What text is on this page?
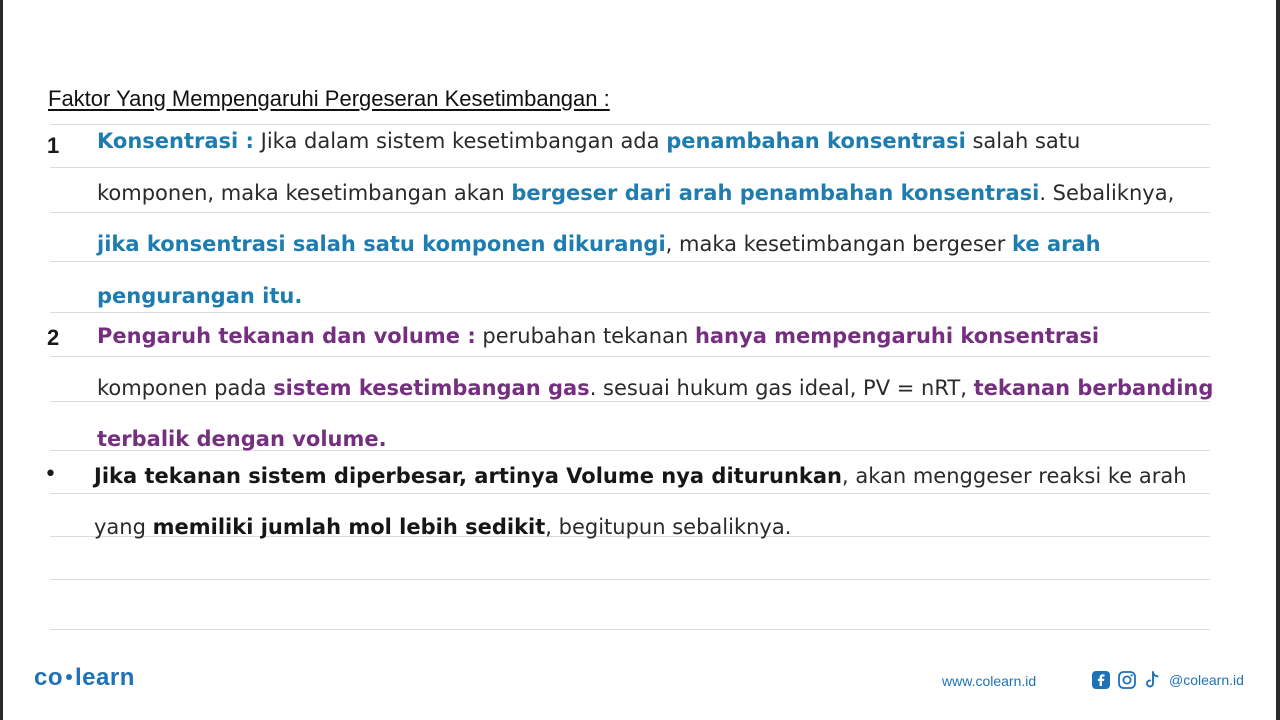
Faktor Yang Mempengaruhi Pergeseran Kesetimbangan :
1 Konsentrasi : Jika dalam sistem kesetimbangan ada penambahan konsentrasi salah satu
komponen, maka kesetimbangan akan bergeser dari arah penambahan konsentrasi. Sebaliknya,
jika konsentrasi salah satu komponen dikurangi, maka kesetimbangan bergeser ke arah
pengurangan itu.
2 Pengaruh tekanan dan volume : perubahan tekanan hanya mempengaruhi konsentrasi
komponen pada sistem kesetimbangan gas. sesuai hukum gas ideal, PV = nRT, tekanan berbanding
terbalik dengan volume.
• Jika tekanan sistem diperbesar, artinya Volume nya diturunkan, akan menggeser reaksi ke arah
yang memiliki jumlah mol lebih sedikit, begitupun sebaliknya.
co learn	www.colearn.id	@colearn.id
